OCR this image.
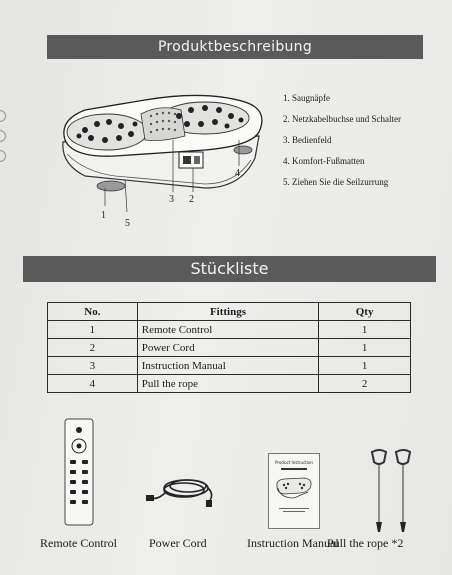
Produktbeschreibung
1
5
3 2
4
1. Saugnäpfe
2. Netzkabelbuchse und Schalter
3. Bedienfeld
4. Komfort-Fußmatten
5. Ziehen Sie die Seilzurrung
Stückliste
No.	Fittings	Qty
1	Remote Control	1
2	Power Cord	1
3	Instruction Manual	1
4	Pull the rope	2
Product Instruction
Remote Control	Power Cord	Instruction Manual
Pull the rope *2
